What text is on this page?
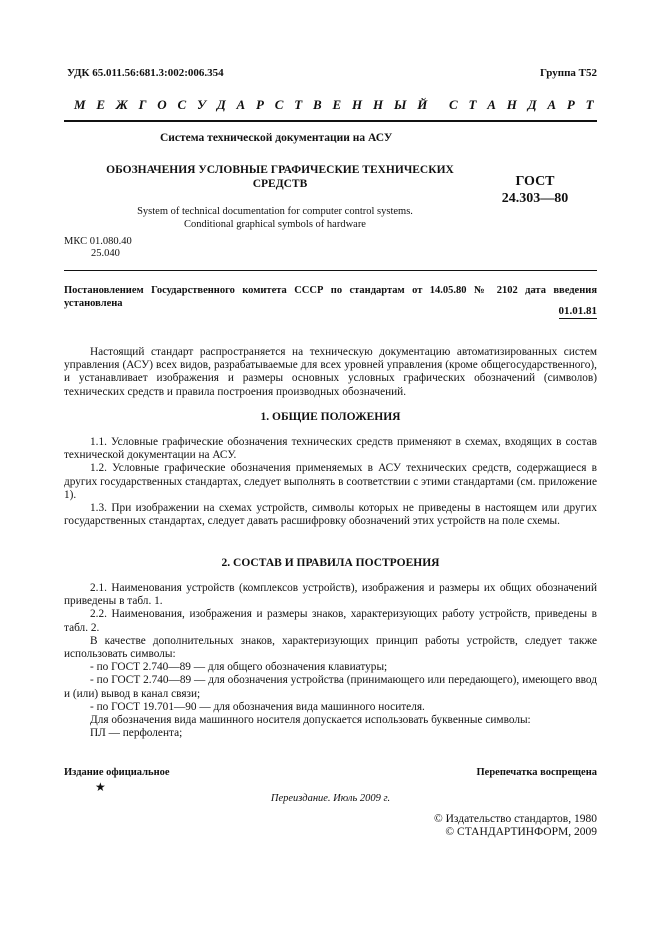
УДК 65.011.56:681.3:002:006.354	Группа Т52
М Е Ж Г О С У Д А Р С Т В Е Н Н Ы Й С Т А Н Д А Р Т
Система технической документации на АСУ
ОБОЗНАЧЕНИЯ УСЛОВНЫЕ ГРАФИЧЕСКИЕ ТЕХНИЧЕСКИХ
СРЕДСТВ	ГОСТ
24.303—80
System of technical documentation for computer control systems.
Conditional graphical symbols of hardware
МКС 01.080.40
25.040
Постановлением Государственного комитета СССР по стандартам от 14.05.80 № 2102 дата введения установлена
01.01.81

Настоящий стандарт распространяется на техническую документацию автоматизированных систем управления (АСУ) всех видов, разрабатываемые для всех уровней управления (кроме общегосударственного), и устанавливает изображения и размеры основных условных графических обозначений (символов) технических средств и правила построения производных обозначений.

1. ОБЩИЕ ПОЛОЖЕНИЯ

1.1. Условные графические обозначения технических средств применяют в схемах, входящих в состав технической документации на АСУ.

1.2. Условные графические обозначения применяемых в АСУ технических средств, содержащиеся в других государственных стандартах, следует выполнять в соответствии с этими стандартами (см. приложение 1).

1.3. При изображении на схемах устройств, символы которых не приведены в настоящем или других государственных стандартах, следует давать расшифровку обозначений этих устройств на поле схемы.

2. СОСТАВ И ПРАВИЛА ПОСТРОЕНИЯ

2.1. Наименования устройств (комплексов устройств), изображения и размеры их общих обозначений приведены в табл. 1.

2.2. Наименования, изображения и размеры знаков, характеризующих работу устройств, приведены в табл. 2.

В качестве дополнительных знаков, характеризующих принцип работы устройств, следует также использовать символы:

- по ГОСТ 2.740—89 — для общего обозначения клавиатуры;

- по ГОСТ 2.740—89 — для обозначения устройства (принимающего или передающего), имеющего ввод и (или) вывод в канал связи;

- по ГОСТ 19.701—90 — для обозначения вида машинного носителя.

Для обозначения вида машинного носителя допускается использовать буквенные символы:

ПЛ — перфолента;

Издание официальное	Перепечатка воспрещена
★
Переиздание. Июль 2009 г.
© Издательство стандартов, 1980
© СТАНДАРТИНФОРМ, 2009
